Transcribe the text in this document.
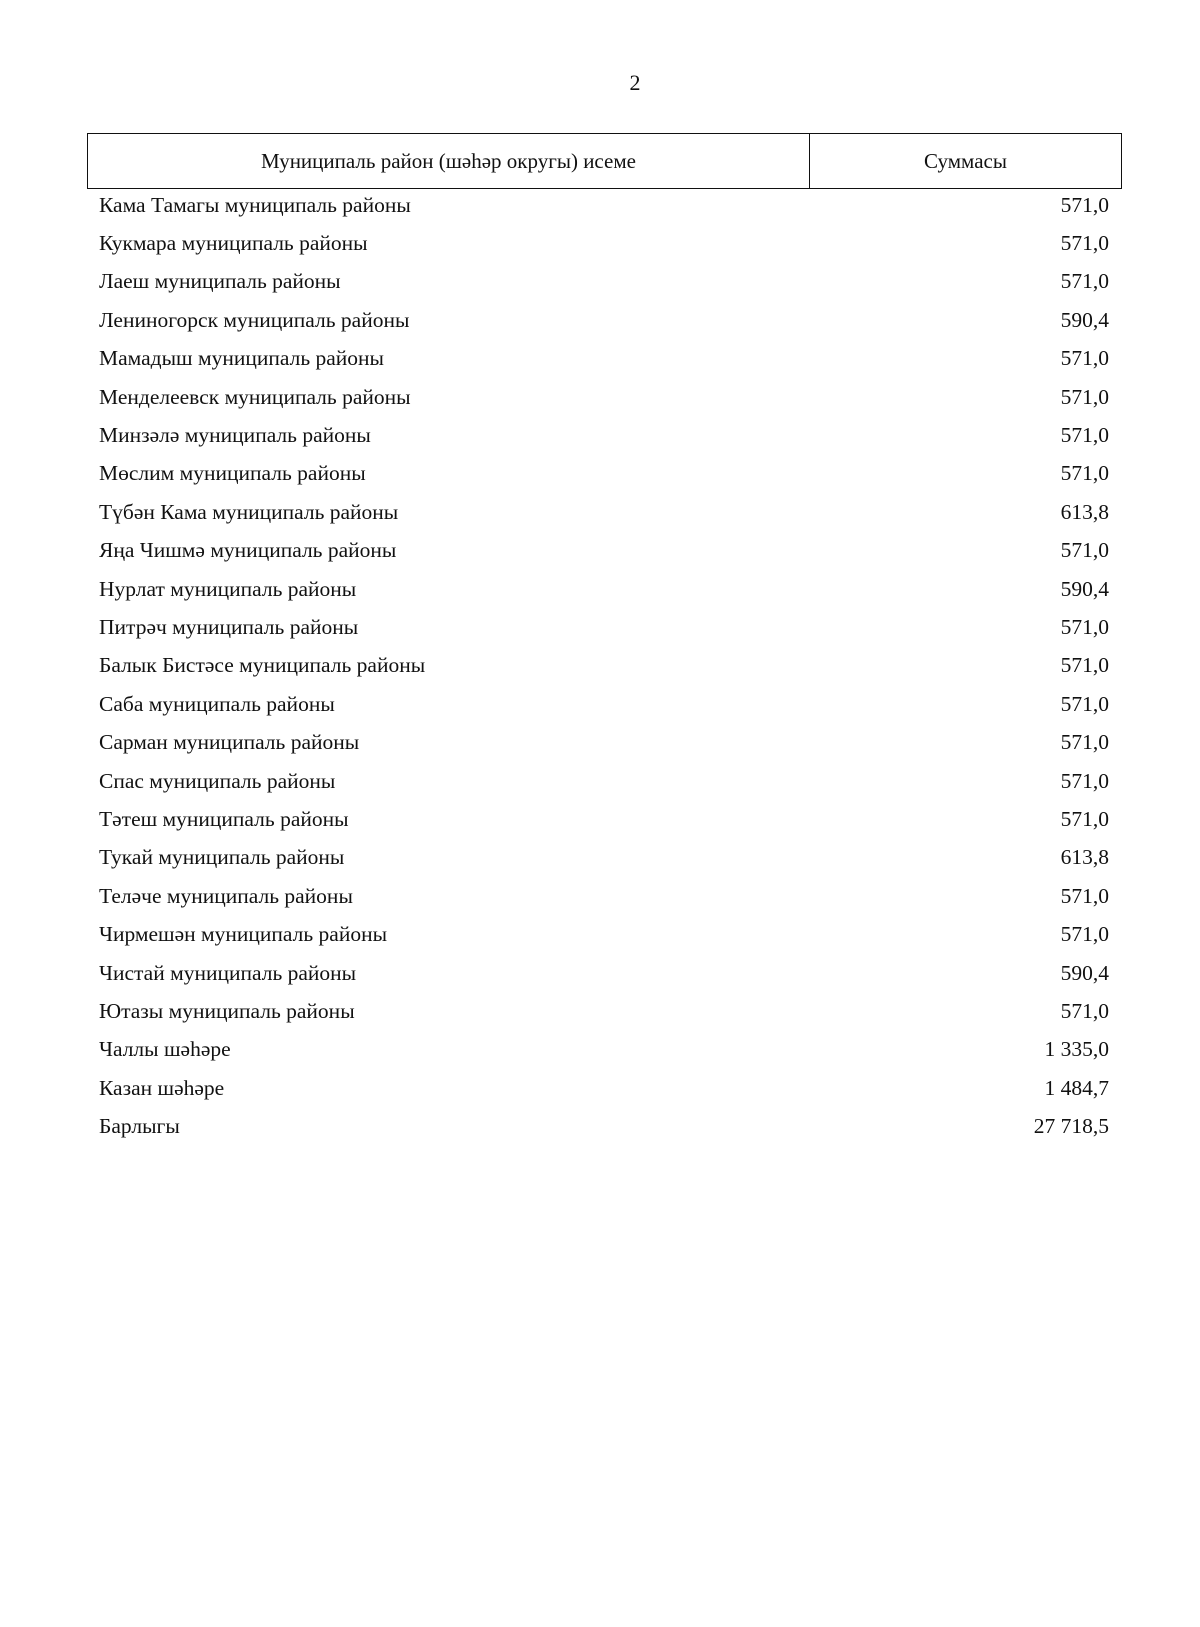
2
Муниципаль район (шәһәр округы) исеме	Суммасы
Кама Тамагы муниципаль районы	571,0
Кукмара муниципаль районы	571,0
Лаеш муниципаль районы	571,0
Лениногорск муниципаль районы	590,4
Мамадыш муниципаль районы	571,0
Менделеевск муниципаль районы	571,0
Минзәлә муниципаль районы	571,0
Мөслим муниципаль районы	571,0
Түбән Кама муниципаль районы	613,8
Яңа Чишмә муниципаль районы	571,0
Нурлат муниципаль районы	590,4
Питрәч муниципаль районы	571,0
Балык Бистәсе муниципаль районы	571,0
Саба муниципаль районы	571,0
Сарман муниципаль районы	571,0
Спас муниципаль районы	571,0
Тәтеш муниципаль районы	571,0
Тукай муниципаль районы	613,8
Теләче муниципаль районы	571,0
Чирмешән муниципаль районы	571,0
Чистай муниципаль районы	590,4
Ютазы муниципаль районы	571,0
Чаллы шәһәре	1 335,0
Казан шәһәре	1 484,7
Барлыгы	27 718,5
